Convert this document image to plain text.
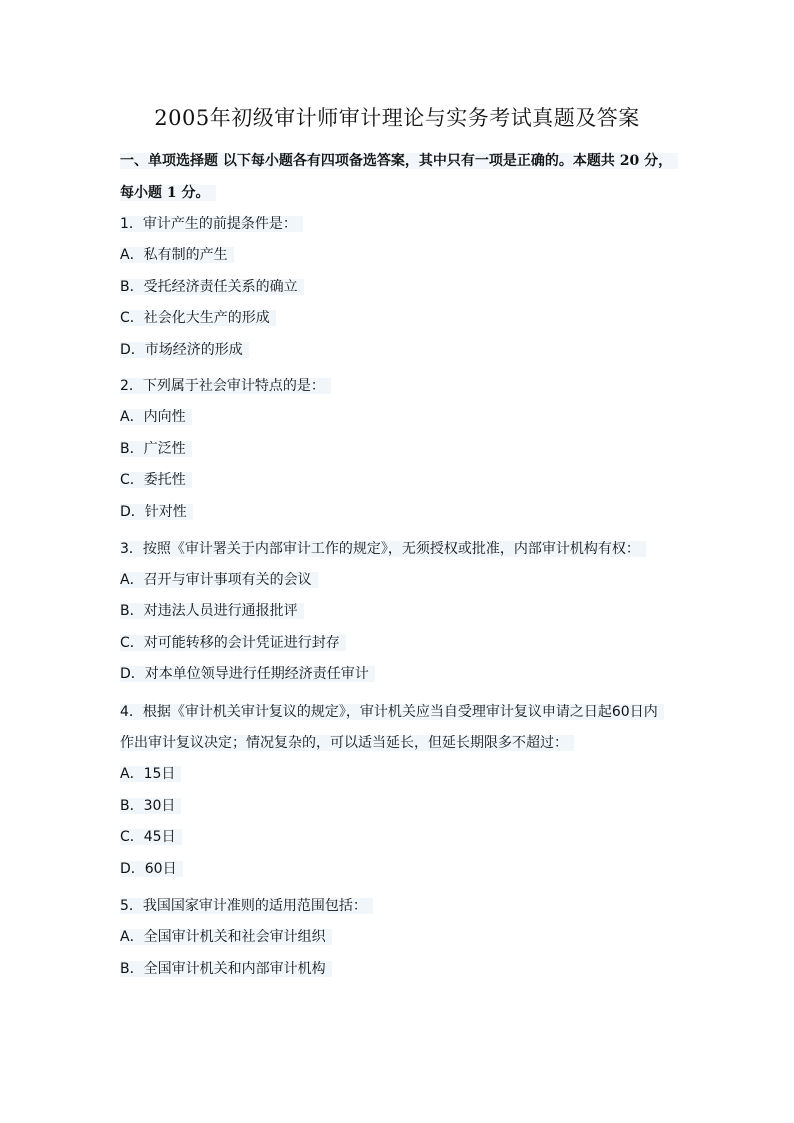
2005年初级审计师审计理论与实务考试真题及答案
一、单项选择题 以下每小题各有四项备选答案，其中只有一项是正确的。本题共 20 分，
每小题 1 分。
1．审计产生的前提条件是：
A．私有制的产生
B．受托经济责任关系的确立
C．社会化大生产的形成
D．市场经济的形成
2．下列属于社会审计特点的是：
A．内向性
B．广泛性
C．委托性
D．针对性
3．按照《审计署关于内部审计工作的规定》，无须授权或批准，内部审计机构有权：
A．召开与审计事项有关的会议
B．对违法人员进行通报批评
C．对可能转移的会计凭证进行封存
D．对本单位领导进行任期经济责任审计
4．根据《审计机关审计复议的规定》，审计机关应当自受理审计复议申请之日起60日内
作出审计复议决定；情况复杂的，可以适当延长，但延长期限多不超过：
A．15日
B．30日
C．45日
D．60日
5．我国国家审计准则的适用范围包括：
A．全国审计机关和社会审计组织
B．全国审计机关和内部审计机构
